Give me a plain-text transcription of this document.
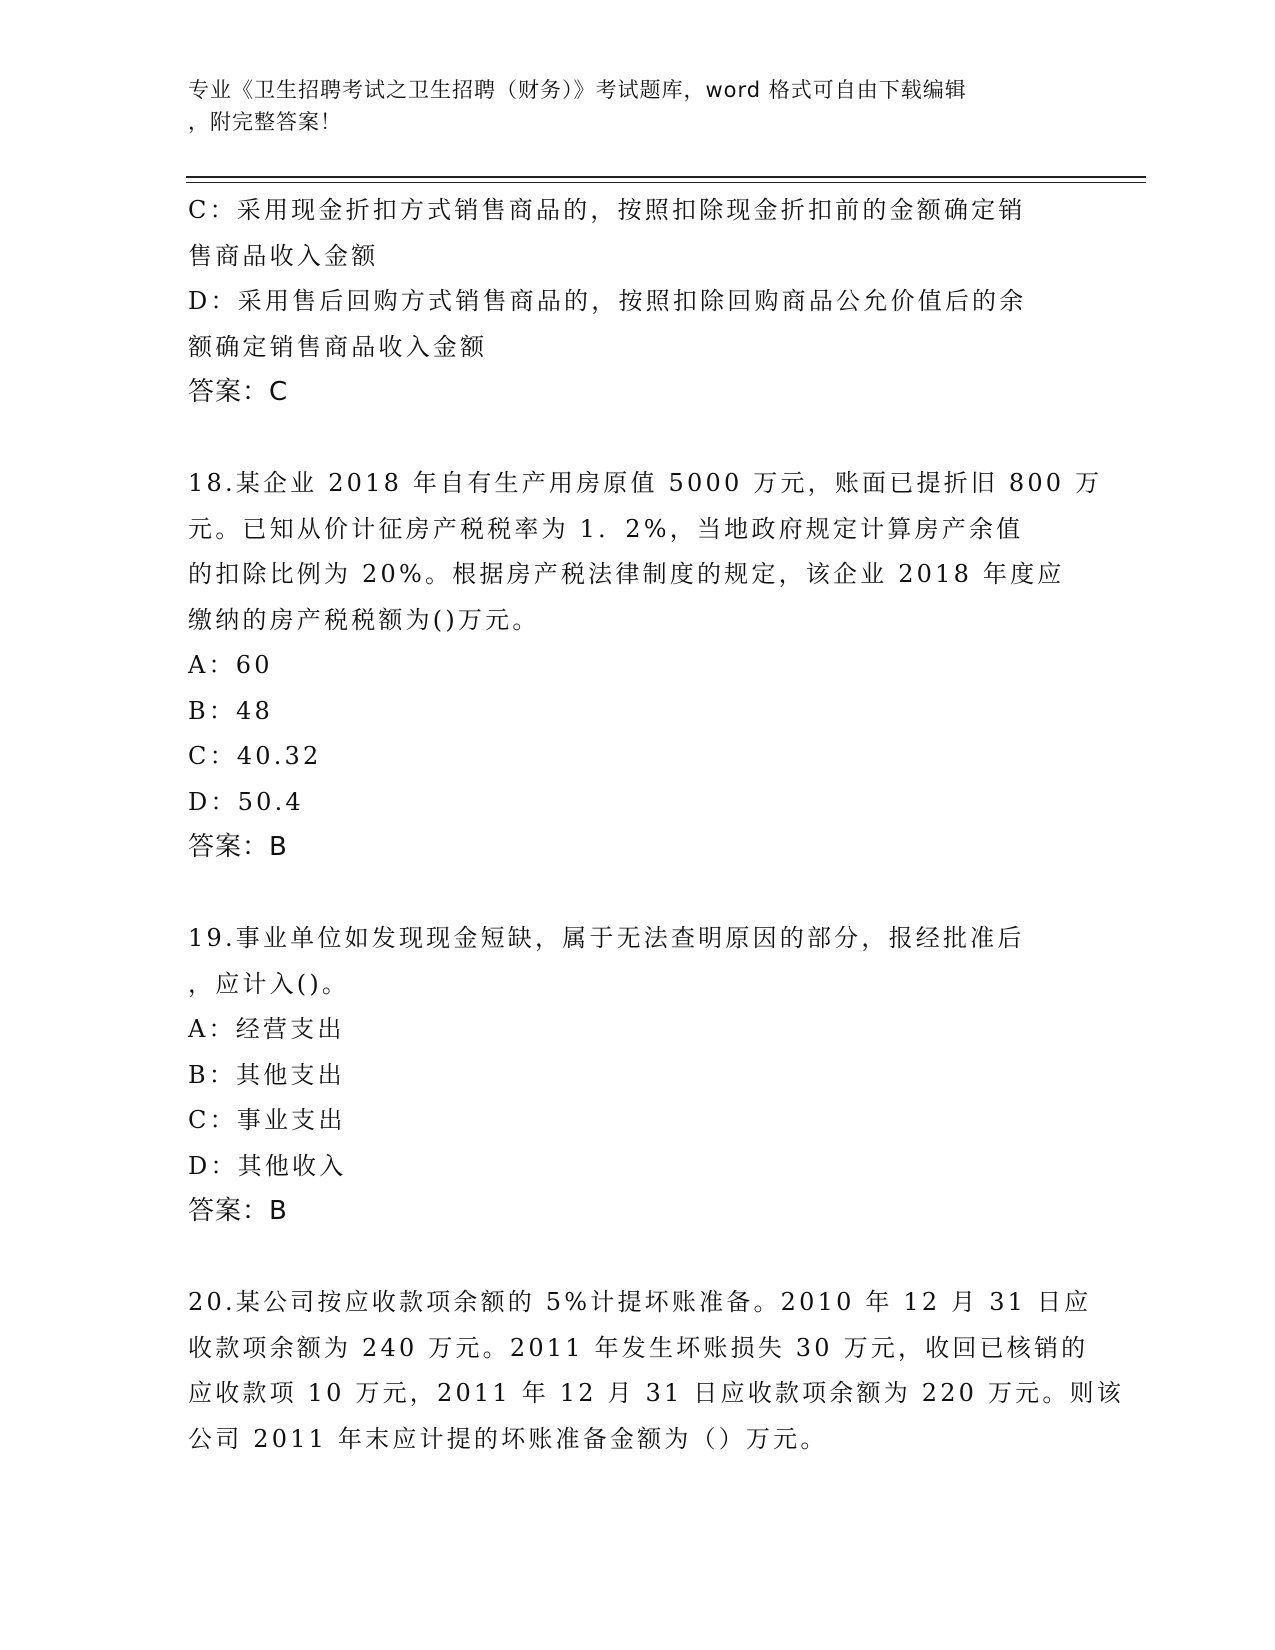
专业《卫生招聘考试之卫生招聘（财务）》考试题库，word 格式可自由下载编辑
，附完整答案！
C：采用现金折扣方式销售商品的，按照扣除现金折扣前的金额确定销
售商品收入金额
D：采用售后回购方式销售商品的，按照扣除回购商品公允价值后的余
额确定销售商品收入金额
答案：C
18.某企业 2018 年自有生产用房原值 5000 万元，账面已提折旧 800 万
元。已知从价计征房产税税率为 1．2%，当地政府规定计算房产余值
的扣除比例为 20%。根据房产税法律制度的规定，该企业 2018 年度应
缴纳的房产税税额为()万元。
A：60
B：48
C：40.32
D：50.4
答案：B
19.事业单位如发现现金短缺，属于无法查明原因的部分，报经批准后
，应计入()。
A：经营支出
B：其他支出
C：事业支出
D：其他收入
答案：B
20.某公司按应收款项余额的 5%计提坏账准备。2010 年 12 月 31 日应
收款项余额为 240 万元。2011 年发生坏账损失 30 万元，收回已核销的
应收款项 10 万元，2011 年 12 月 31 日应收款项余额为 220 万元。则该
公司 2011 年末应计提的坏账准备金额为（）万元。
